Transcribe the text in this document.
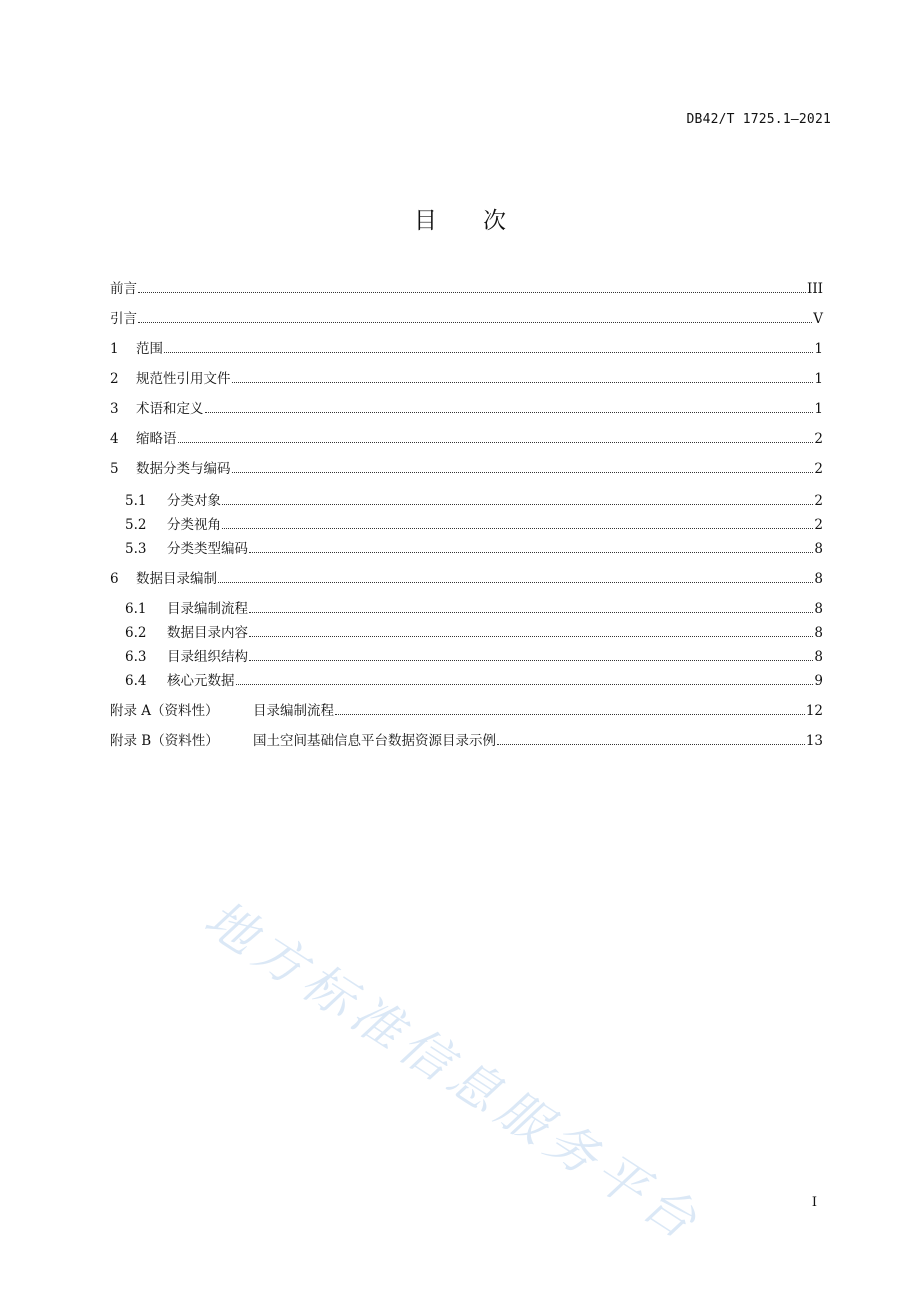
DB42/T 1725.1—2021
目 次
前言	III
引言	V
1	范围	1
2	规范性引用文件	1
3	术语和定义	1
4	缩略语	2
5	数据分类与编码	2
5.1	分类对象	2
5.2	分类视角	2
5.3	分类类型编码	8
6	数据目录编制	8
6.1	目录编制流程	8
6.2	数据目录内容	8
6.3	目录组织结构	8
6.4	核心元数据	9
附录 A（资料性）	目录编制流程	12
附录 B（资料性）	国土空间基础信息平台数据资源目录示例	13
地方标准信息服务平台	I
